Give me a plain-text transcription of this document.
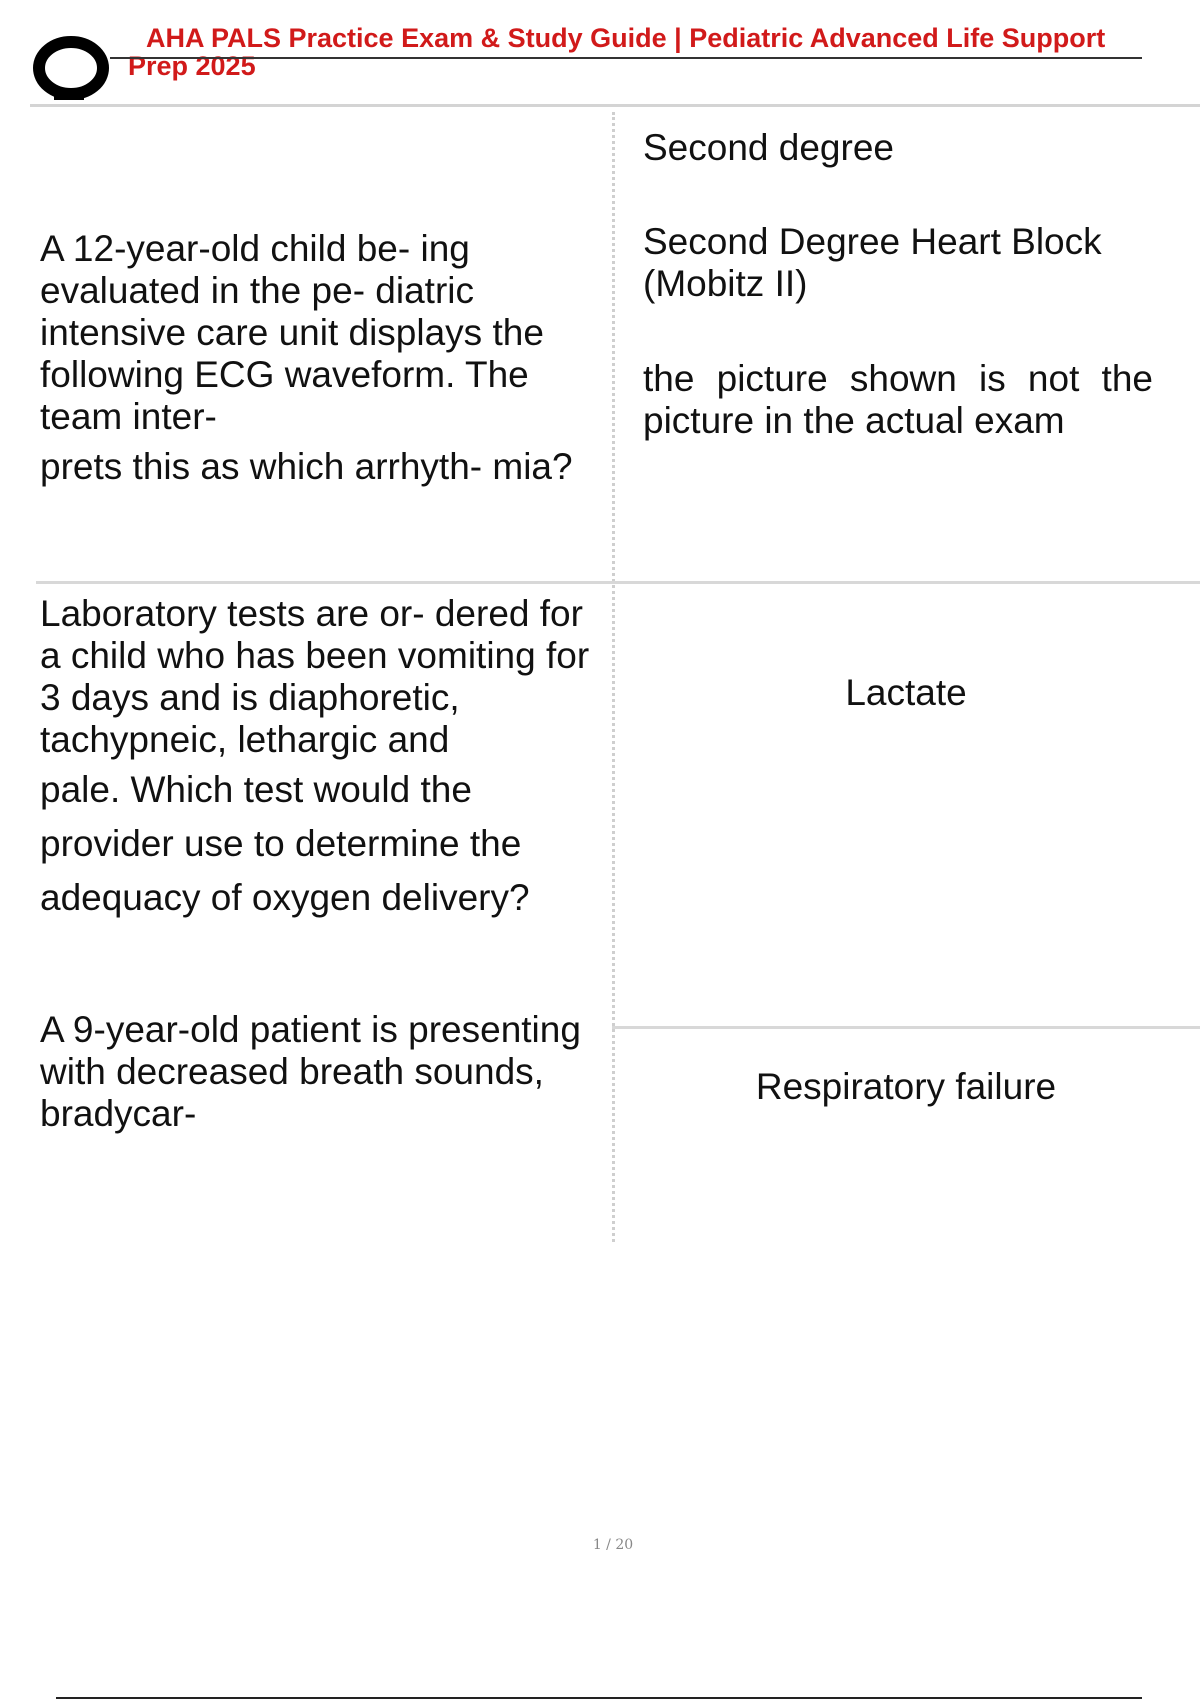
AHA PALS Practice Exam & Study Guide | Pediatric Advanced Life Support Prep 2025

Second degree

A 12-year-old child be- ing evaluated in the pe- diatric intensive care unit displays the following ECG waveform. The team inter-
prets this as which arrhyth- mia?

Second Degree Heart Block (Mobitz II)

the picture shown is not the picture in the actual exam

Laboratory tests are or- dered for a child who has been vomiting for 3 days and is diaphoretic, tachypneic, lethargic and
pale. Which test would the
provider use to determine the
adequacy of oxygen delivery?

Lactate

A 9-year-old patient is presenting with decreased breath sounds, bradycar-

Respiratory failure

1 / 20
